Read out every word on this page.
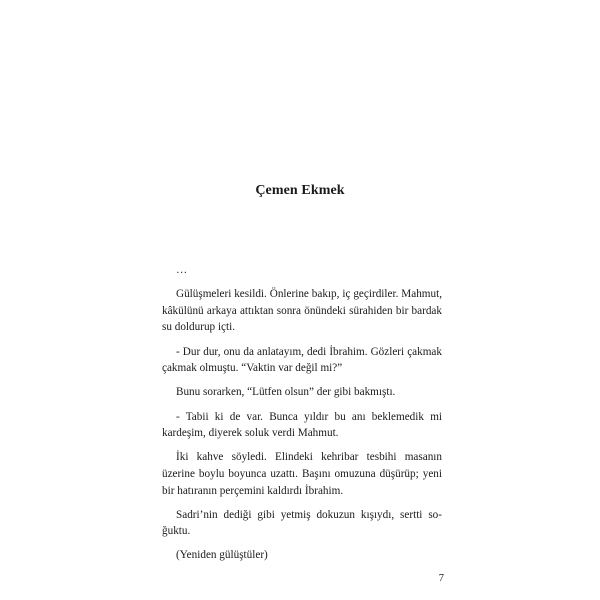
Çemen Ekmek

…

Gülüşmeleri kesildi. Önlerine bakıp, iç geçirdiler. Mahmut, kâkülünü arkaya attıktan sonra önündeki sürahiden bir bardak su doldurup içti.

- Dur dur, onu da anlatayım, dedi İbrahim. Gözleri çakmak çakmak olmuştu. “Vaktin var değil mi?”

Bunu sorarken, “Lütfen olsun” der gibi bakmıştı.

- Tabii ki de var. Bunca yıldır bu anı beklemedik mi kardeşim, diyerek soluk verdi Mahmut.

İki kahve söyledi. Elindeki kehribar tesbihi masanın üzerine boylu boyunca uzattı. Başını omuzuna düşürüp; yeni bir hatıranın perçemini kaldırdı İbrahim.

Sadri’nin dediği gibi yetmiş dokuzun kışıydı, sertti soğuktu.

(Yeniden gülüştüler)

7
